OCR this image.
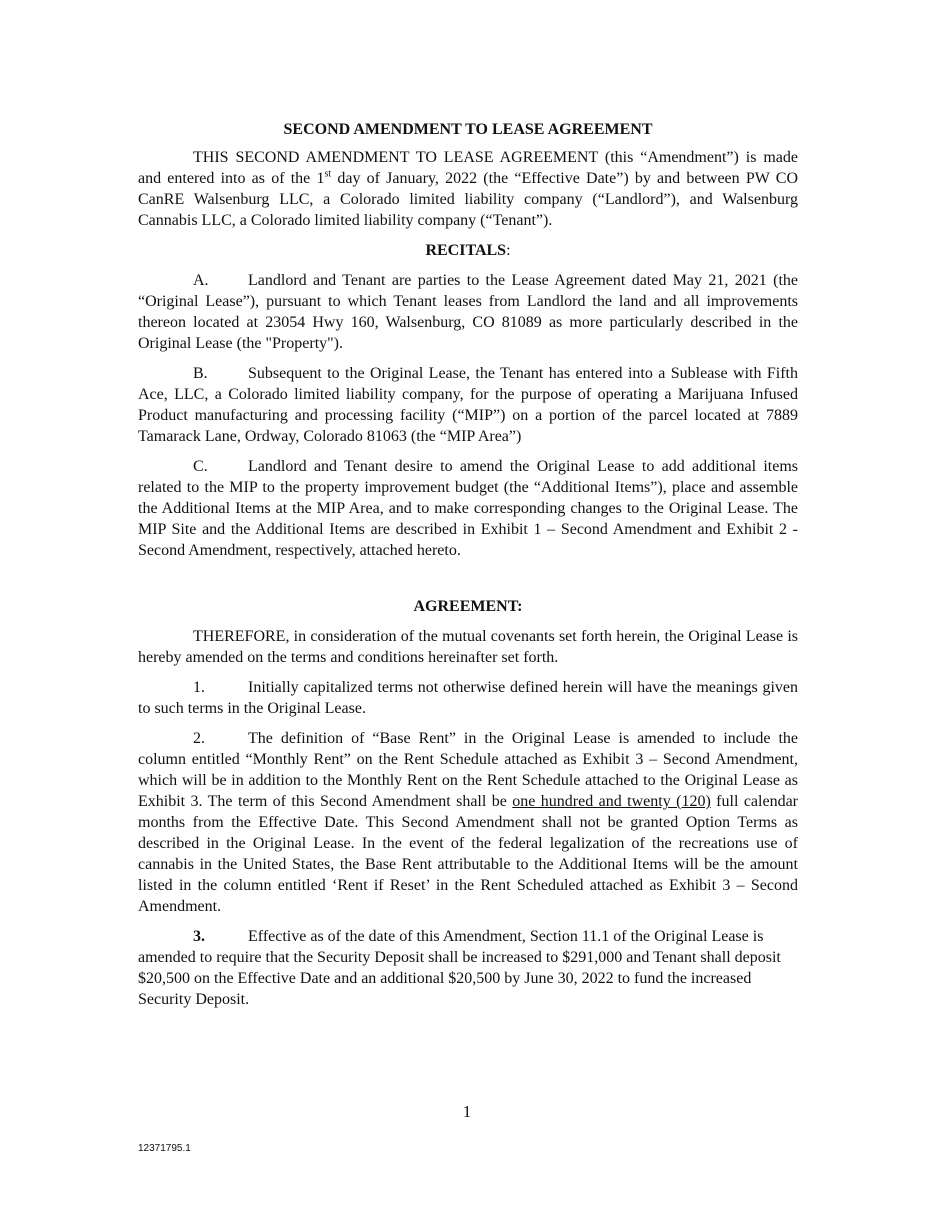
SECOND AMENDMENT TO LEASE AGREEMENT

THIS SECOND AMENDMENT TO LEASE AGREEMENT (this “Amendment”) is made and entered into as of the 1st day of January, 2022 (the “Effective Date”) by and between PW CO CanRE Walsenburg LLC, a Colorado limited liability company (“Landlord”), and Walsenburg Cannabis LLC, a Colorado limited liability company (“Tenant”).

RECITALS:

A. Landlord and Tenant are parties to the Lease Agreement dated May 21, 2021 (the “Original Lease”), pursuant to which Tenant leases from Landlord the land and all improvements thereon located at 23054 Hwy 160, Walsenburg, CO 81089 as more particularly described in the Original Lease (the "Property").

B.	Subsequent to the Original Lease, the Tenant has entered into a Sublease with Fifth Ace, LLC, a Colorado limited liability company, for the purpose of operating a Marijuana Infused Product manufacturing and processing facility (“MIP”) on a portion of the parcel located at 7889 Tamarack Lane, Ordway, Colorado 81063 (the “MIP Area”)

C.	Landlord and Tenant desire to amend the Original Lease to add additional items related to the MIP to the property improvement budget (the “Additional Items”), place and assemble the Additional Items at the MIP Area, and to make corresponding changes to the Original Lease. The MIP Site and the Additional Items are described in Exhibit 1 – Second Amendment and Exhibit 2 - Second Amendment, respectively, attached hereto.

AGREEMENT:

THEREFORE, in consideration of the mutual covenants set forth herein, the Original Lease is hereby amended on the terms and conditions hereinafter set forth.

1.	Initially capitalized terms not otherwise defined herein will have the meanings given to such terms in the Original Lease.

2.	The definition of “Base Rent” in the Original Lease is amended to include the column entitled “Monthly Rent” on the Rent Schedule attached as Exhibit 3 – Second Amendment, which will be in addition to the Monthly Rent on the Rent Schedule attached to the Original Lease as Exhibit 3. The term of this Second Amendment shall be one hundred and twenty (120) full calendar months from the Effective Date. This Second Amendment shall not be granted Option Terms as described in the Original Lease. In the event of the federal legalization of the recreations use of cannabis in the United States, the Base Rent attributable to the Additional Items will be the amount listed in the column entitled ‘Rent if Reset’ in the Rent Scheduled attached as Exhibit 3 – Second Amendment.

3.	Effective as of the date of this Amendment, Section 11.1 of the Original Lease is amended to require that the Security Deposit shall be increased to $291,000 and Tenant shall deposit $20,500 on the Effective Date and an additional $20,500 by June 30, 2022 to fund the increased Security Deposit.

1
12371795.1
